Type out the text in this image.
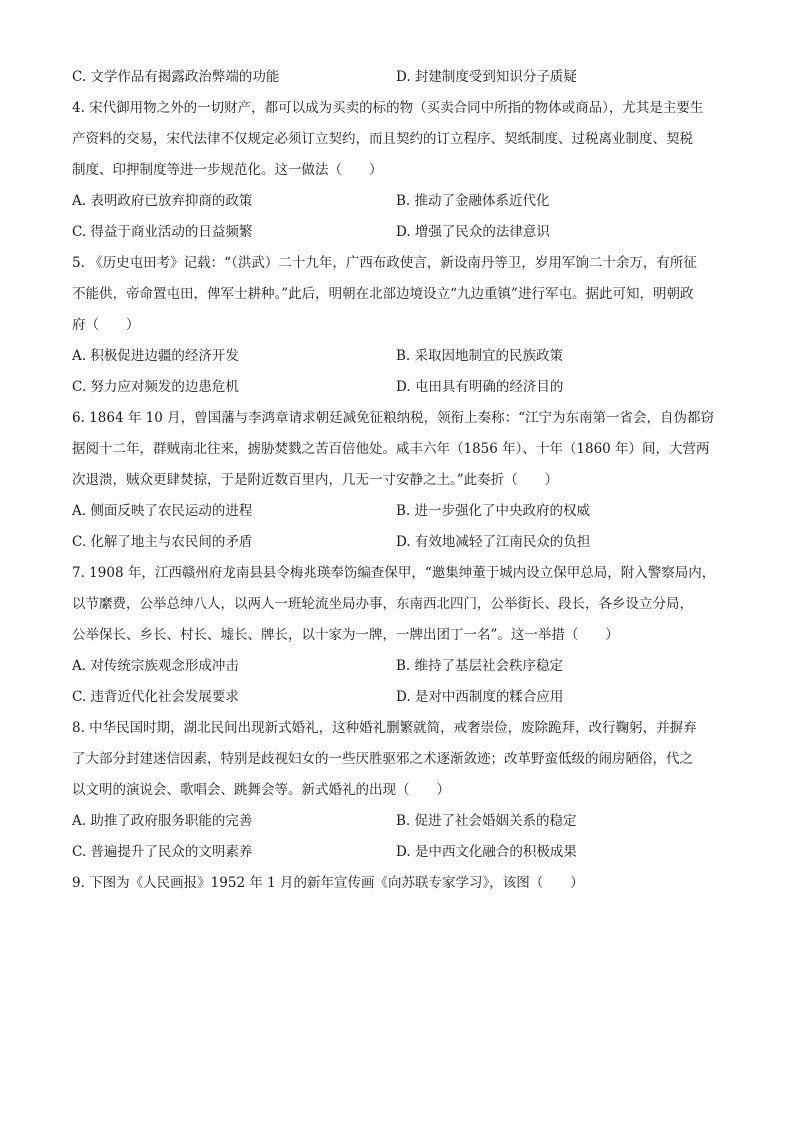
C. 文学作品有揭露政治弊端的功能	D. 封建制度受到知识分子质疑
4. 宋代御用物之外的一切财产，都可以成为买卖的标的物（买卖合同中所指的物体或商品），尤其是主要生
产资料的交易，宋代法律不仅规定必须订立契约，而且契约的订立程序、契纸制度、过税离业制度、契税
制度、印押制度等进一步规范化。这一做法（　　）
A. 表明政府已放弃抑商的政策	B. 推动了金融体系近代化
C. 得益于商业活动的日益频繁	D. 增强了民众的法律意识
5. 《历史屯田考》记载：“（洪武）二十九年，广西布政使言，新设南丹等卫，岁用军饷二十余万，有所征
不能供，帝命置屯田，俾军士耕种。”此后，明朝在北部边境设立“九边重镇”进行军屯。据此可知，明朝政
府（　　）
A. 积极促进边疆的经济开发	B. 采取因地制宜的民族政策
C. 努力应对频发的边患危机	D. 屯田具有明确的经济目的
6. 1864 年 10 月，曾国藩与李鸿章请求朝廷减免征粮纳税，领衔上奏称：“江宁为东南第一省会，自伪都窃
据阅十二年，群贼南北往来，掳胁焚戮之苦百倍他处。咸丰六年（1856 年）、十年（1860 年）间，大营两
次退溃，贼众更肆焚掠，于是附近数百里内，几无一寸安静之土。”此奏折（　　）
A. 侧面反映了农民运动的进程	B. 进一步强化了中央政府的权威
C. 化解了地主与农民间的矛盾	D. 有效地减轻了江南民众的负担
7. 1908 年，江西赣州府龙南县县令梅兆瑛奉饬编查保甲，“邀集绅董于城内设立保甲总局，附入警察局内，
以节縻费，公举总绅八人，以两人一班轮流坐局办事，东南西北四门，公举街长、段长，各乡设立分局，
公举保长、乡长、村长、墟长、牌长，以十家为一牌，一牌出团丁一名”。这一举措（　　）
A. 对传统宗族观念形成冲击	B. 维持了基层社会秩序稳定
C. 违背近代化社会发展要求	D. 是对中西制度的糅合应用
8. 中华民国时期，湖北民间出现新式婚礼，这种婚礼删繁就简，戒奢崇俭，废除跪拜，改行鞠躬，并摒弃
了大部分封建迷信因素，特别是歧视妇女的一些厌胜驱邪之术逐渐敛迹；改革野蛮低级的闹房陋俗，代之
以文明的演说会、歌唱会、跳舞会等。新式婚礼的出现（　　）
A. 助推了政府服务职能的完善	B. 促进了社会婚姻关系的稳定
C. 普遍提升了民众的文明素养	D. 是中西文化融合的积极成果
9. 下图为《人民画报》1952 年 1 月的新年宣传画《向苏联专家学习》，该图（　　）
